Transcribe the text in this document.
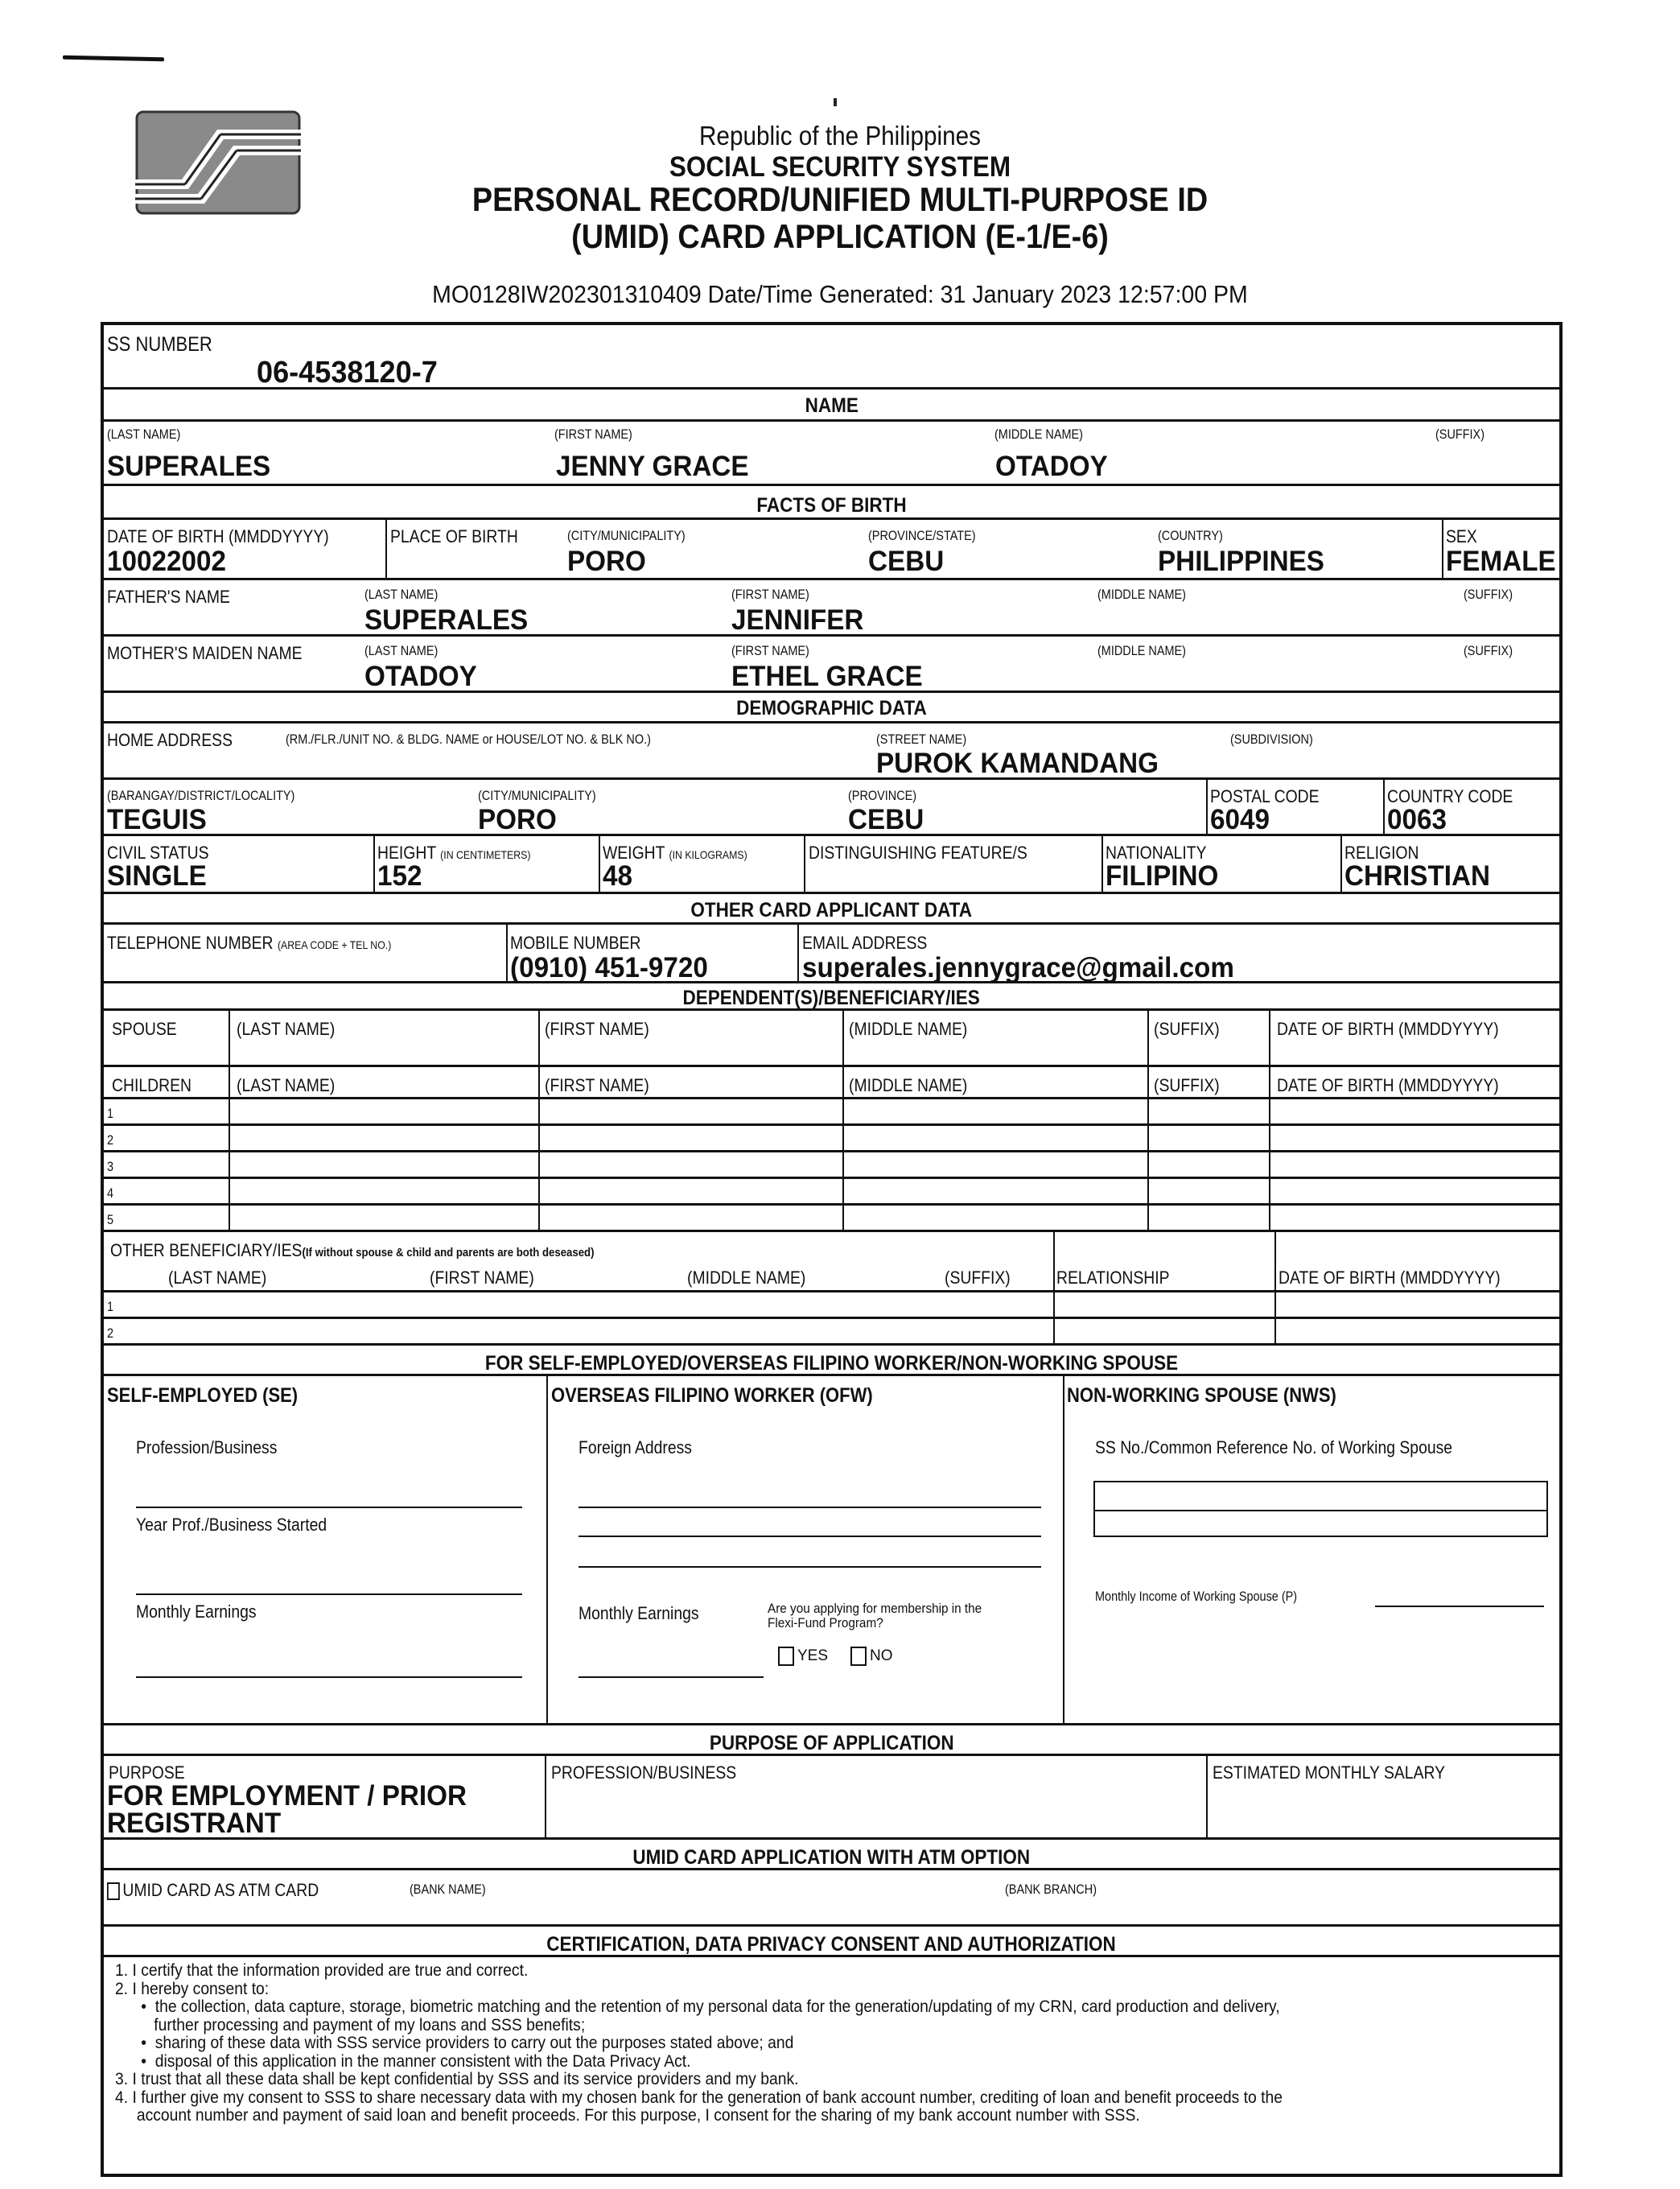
Republic of the Philippines
SOCIAL SECURITY SYSTEM
PERSONAL RECORD/UNIFIED MULTI-PURPOSE ID
(UMID) CARD APPLICATION (E-1/E-6)
MO0128IW202301310409 Date/Time Generated: 31 January 2023 12:57:00 PM
SS NUMBER
06-4538120-7
NAME
(LAST NAME)	(FIRST NAME)	(MIDDLE NAME)	(SUFFIX)
SUPERALES	JENNY GRACE	OTADOY
FACTS OF BIRTH
DATE OF BIRTH (MMDDYYYY)
10022002
PLACE OF BIRTH	(CITY/MUNICIPALITY)
PORO
(PROVINCE/STATE)
CEBU
(COUNTRY)
PHILIPPINES
SEX
FEMALE
FATHER'S NAME	(LAST NAME)	(FIRST NAME)	(MIDDLE NAME)	(SUFFIX)
SUPERALES	JENNIFER
MOTHER'S MAIDEN NAME	(LAST NAME)	(FIRST NAME)	(MIDDLE NAME)	(SUFFIX)
OTADOY	ETHEL GRACE
DEMOGRAPHIC DATA
HOME ADDRESS	(RM./FLR./UNIT NO. & BLDG. NAME or HOUSE/LOT NO. & BLK NO.)	(STREET NAME)
PUROK KAMANDANG
(SUBDIVISION)
(BARANGAY/DISTRICT/LOCALITY)
TEGUIS
(CITY/MUNICIPALITY)
PORO
(PROVINCE)
CEBU
POSTAL CODE
6049
COUNTRY CODE
0063
CIVIL STATUS
SINGLE
HEIGHT (IN CENTIMETERS)
152
WEIGHT (IN KILOGRAMS)
48
DISTINGUISHING FEATURE/S	NATIONALITY
FILIPINO
RELIGION
CHRISTIAN
OTHER CARD APPLICANT DATA
TELEPHONE NUMBER (AREA CODE + TEL NO.)	MOBILE NUMBER
(0910) 451-9720
EMAIL ADDRESS
superales.jennygrace@gmail.com
DEPENDENT(S)/BENEFICIARY/IES
SPOUSE	(LAST NAME)	(FIRST NAME)	(MIDDLE NAME)	(SUFFIX)	DATE OF BIRTH (MMDDYYYY)
CHILDREN	(LAST NAME)	(FIRST NAME)	(MIDDLE NAME)	(SUFFIX)	DATE OF BIRTH (MMDDYYYY)
1
2
3
4
5
OTHER BENEFICIARY/IES(If without spouse & child and parents are both deseased)
(LAST NAME)	(FIRST NAME)	(MIDDLE NAME)	(SUFFIX)	RELATIONSHIP	DATE OF BIRTH (MMDDYYYY)
1
2
FOR SELF-EMPLOYED/OVERSEAS FILIPINO WORKER/NON-WORKING SPOUSE
SELF-EMPLOYED (SE)
Profession/Business
Year Prof./Business Started
Monthly Earnings
OVERSEAS FILIPINO WORKER (OFW)
Foreign Address
Monthly Earnings	Are you applying for membership in the Flexi-Fund Program?
YES	NO
NON-WORKING SPOUSE (NWS)
SS No./Common Reference No. of Working Spouse
Monthly Income of Working Spouse (P)
PURPOSE OF APPLICATION
PURPOSE
FOR EMPLOYMENT / PRIOR
REGISTRANT
PROFESSION/BUSINESS	ESTIMATED MONTHLY SALARY
UMID CARD APPLICATION WITH ATM OPTION
UMID CARD AS ATM CARD	(BANK NAME)	(BANK BRANCH)
CERTIFICATION, DATA PRIVACY CONSENT AND AUTHORIZATION
1. I certify that the information provided are true and correct.
2. I hereby consent to:
•  the collection, data capture, storage, biometric matching and the retention of my personal data for the generation/updating of my CRN, card production and delivery,
further processing and payment of my loans and SSS benefits;
•  sharing of these data with SSS service providers to carry out the purposes stated above; and
•  disposal of this application in the manner consistent with the Data Privacy Act.
3. I trust that all these data shall be kept confidential by SSS and its service providers and my bank.
4. I further give my consent to SSS to share necessary data with my chosen bank for the generation of bank account number, crediting of loan and benefit proceeds to the
account number and payment of said loan and benefit proceeds. For this purpose, I consent for the sharing of my bank account number with SSS.
